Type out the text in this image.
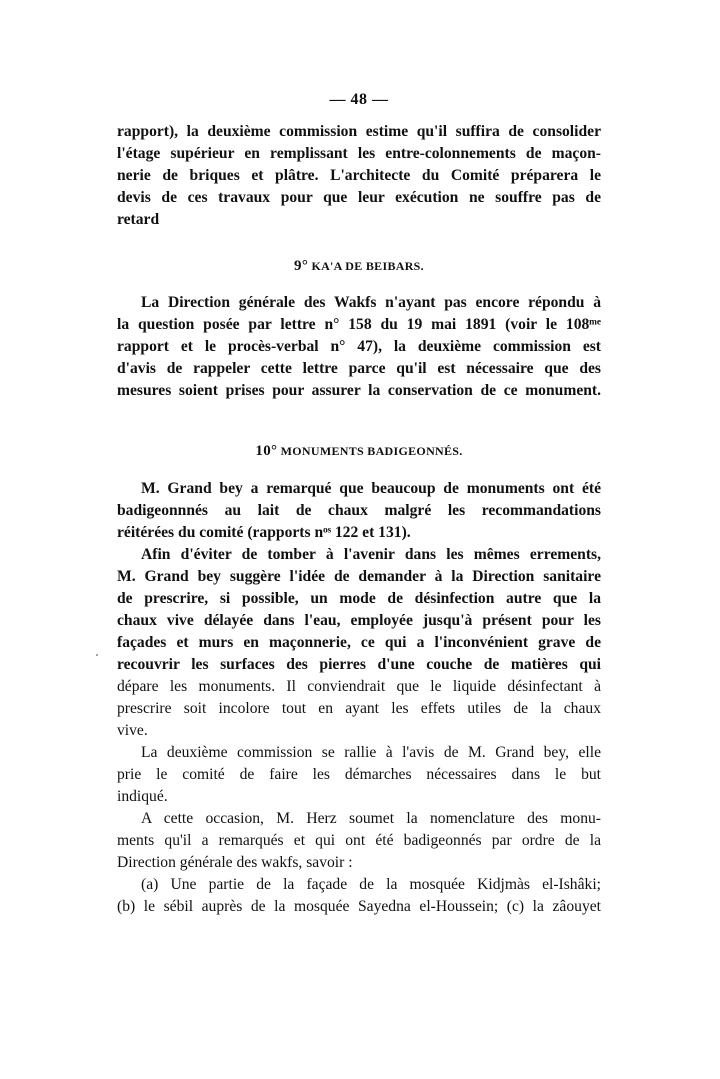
— 48 —
rapport), la deuxième commission estime qu'il suffira de consolider
l'étage supérieur en remplissant les entre-colonnements de maçon-
nerie de briques et plâtre. L'architecte du Comité préparera le
devis de ces travaux pour que leur exécution ne souffre pas de
retard
9° KA'A DE BEIBARS.
La Direction générale des Wakfs n'ayant pas encore répondu à
la question posée par lettre n° 158 du 19 mai 1891 (voir le 108ᵐᵉ
rapport et le procès-verbal n° 47), la deuxième commission est
d'avis de rappeler cette lettre parce qu'il est nécessaire que des
mesures soient prises pour assurer la conservation de ce monument.
10° MONUMENTS BADIGEONNÉS.
M. Grand bey a remarqué que beaucoup de monuments ont été
badigeonnnés au lait de chaux malgré les recommandations
réitérées du comité (rapports nᵒˢ 122 et 131).
Afin d'éviter de tomber à l'avenir dans les mêmes errements,
M. Grand bey suggère l'idée de demander à la Direction sanitaire
de prescrire, si possible, un mode de désinfection autre que la
chaux vive délayée dans l'eau, employée jusqu'à présent pour les
façades et murs en maçonnerie, ce qui a l'inconvénient grave de
recouvrir les surfaces des pierres d'une couche de matières qui
dépare les monuments. Il conviendrait que le liquide désinfectant à
prescrire soit incolore tout en ayant les effets utiles de la chaux
vive.
La deuxième commission se rallie à l'avis de M. Grand bey, elle
prie le comité de faire les démarches nécessaires dans le but
indiqué.
A cette occasion, M. Herz soumet la nomenclature des monu-
ments qu'il a remarqués et qui ont été badigeonnés par ordre de la
Direction générale des wakfs, savoir :
(a) Une partie de la façade de la mosquée Kidjmàs el-Ishâki;
(b) le sébil auprès de la mosquée Sayedna el-Houssein; (c) la zâouyet
